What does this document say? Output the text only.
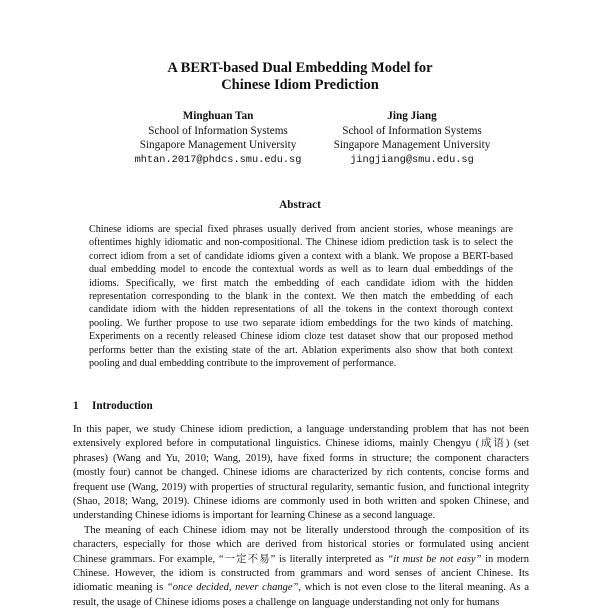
A BERT-based Dual Embedding Model for
Chinese Idiom Prediction
Minghuan Tan
School of Information Systems
Singapore Management University
mhtan.2017@phdcs.smu.edu.sg
Jing Jiang
School of Information Systems
Singapore Management University
jingjiang@smu.edu.sg
Abstract

Chinese idioms are special fixed phrases usually derived from ancient stories, whose meanings are oftentimes highly idiomatic and non-compositional. The Chinese idiom prediction task is to select the correct idiom from a set of candidate idioms given a context with a blank. We propose a BERT-based dual embedding model to encode the contextual words as well as to learn dual embeddings of the idioms. Specifically, we first match the embedding of each candidate idiom with the hidden representation corresponding to the blank in the context. We then match the embedding of each candidate idiom with the hidden representations of all the tokens in the context thorough context pooling. We further propose to use two separate idiom embeddings for the two kinds of matching. Experiments on a recently released Chinese idiom cloze test dataset show that our proposed method performs better than the existing state of the art. Ablation experiments also show that both context pooling and dual embedding contribute to the improvement of performance.

1 Introduction

In this paper, we study Chinese idiom prediction, a language understanding problem that has not been extensively explored before in computational linguistics. Chinese idioms, mainly Chengyu (成语) (set phrases) (Wang and Yu, 2010; Wang, 2019), have fixed forms in structure; the component characters (mostly four) cannot be changed. Chinese idioms are characterized by rich contents, concise forms and frequent use (Wang, 2019) with properties of structural regularity, semantic fusion, and functional integrity (Shao, 2018; Wang, 2019). Chinese idioms are commonly used in both written and spoken Chinese, and understanding Chinese idioms is important for learning Chinese as a second language.

The meaning of each Chinese idiom may not be literally understood through the composition of its characters, especially for those which are derived from historical stories or formulated using ancient Chinese grammars. For example, “一定不易” is literally interpreted as “it must be not easy” in modern Chinese. However, the idiom is constructed from grammars and word senses of ancient Chinese. Its idiomatic meaning is “once decided, never change”, which is not even close to the literal meaning. As a result, the usage of Chinese idioms poses a challenge on language understanding not only for humans
